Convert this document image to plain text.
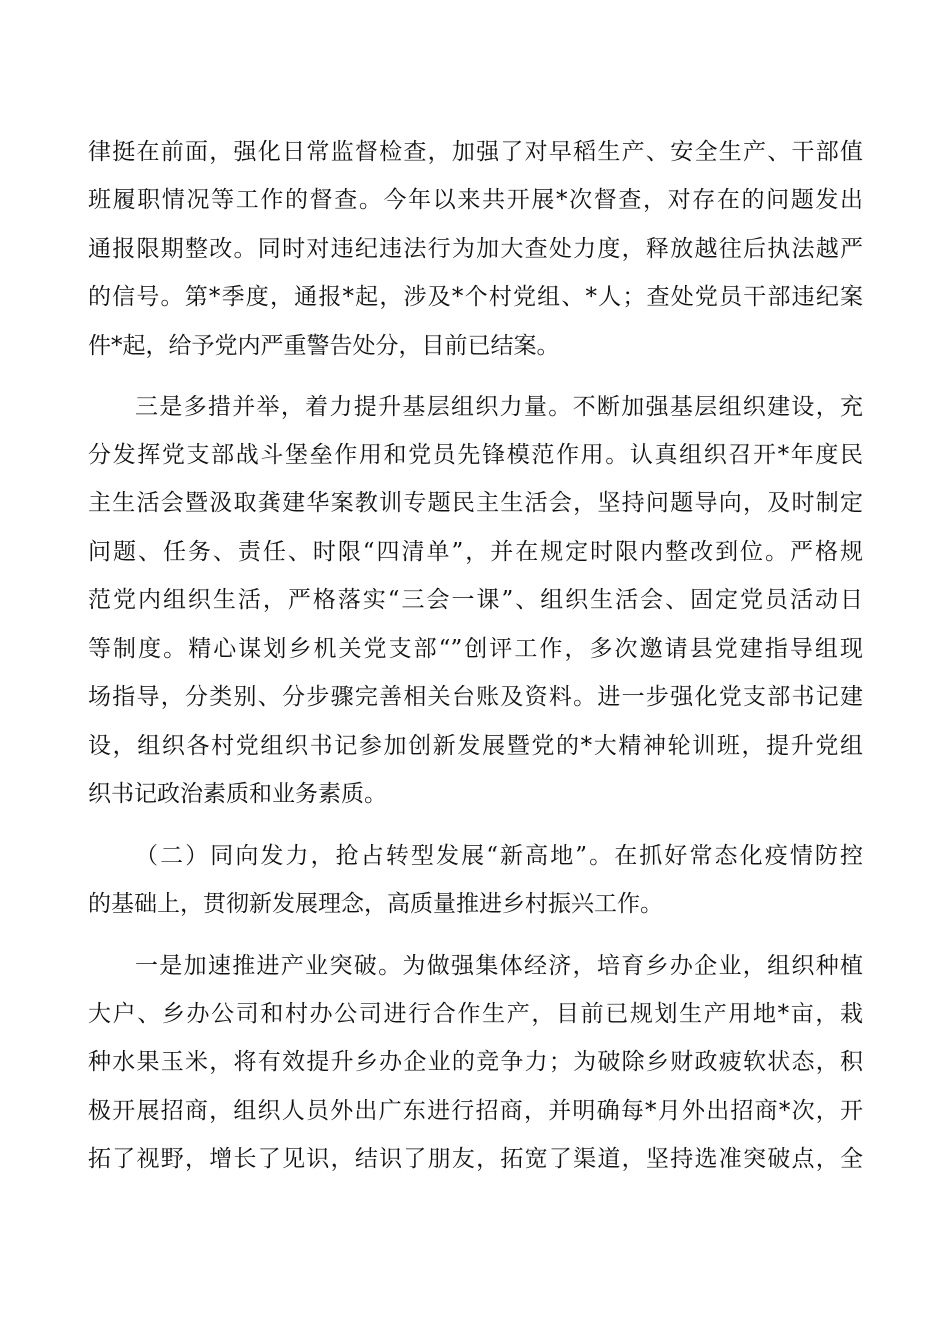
律挺在前面，强化日常监督检查，加强了对早稻生产、安全生产、干部值
班履职情况等工作的督查。今年以来共开展*次督查，对存在的问题发出
通报限期整改。同时对违纪违法行为加大查处力度，释放越往后执法越严
的信号。第*季度，通报*起，涉及*个村党组、*人；查处党员干部违纪案
件*起，给予党内严重警告处分，目前已结案。
三是多措并举，着力提升基层组织力量。不断加强基层组织建设，充
分发挥党支部战斗堡垒作用和党员先锋模范作用。认真组织召开*年度民
主生活会暨汲取龚建华案教训专题民主生活会，坚持问题导向，及时制定
问题、任务、责任、时限“四清单”，并在规定时限内整改到位。严格规
范党内组织生活，严格落实“三会一课”、组织生活会、固定党员活动日
等制度。精心谋划乡机关党支部“”创评工作，多次邀请县党建指导组现
场指导，分类别、分步骤完善相关台账及资料。进一步强化党支部书记建
设，组织各村党组织书记参加创新发展暨党的*大精神轮训班，提升党组
织书记政治素质和业务素质。
（二）同向发力，抢占转型发展“新高地”。在抓好常态化疫情防控
的基础上，贯彻新发展理念，高质量推进乡村振兴工作。
一是加速推进产业突破。为做强集体经济，培育乡办企业，组织种植
大户、乡办公司和村办公司进行合作生产，目前已规划生产用地*亩，栽
种水果玉米，将有效提升乡办企业的竞争力；为破除乡财政疲软状态，积
极开展招商，组织人员外出广东进行招商，并明确每*月外出招商*次，开
拓了视野，增长了见识，结识了朋友，拓宽了渠道，坚持选准突破点，全
